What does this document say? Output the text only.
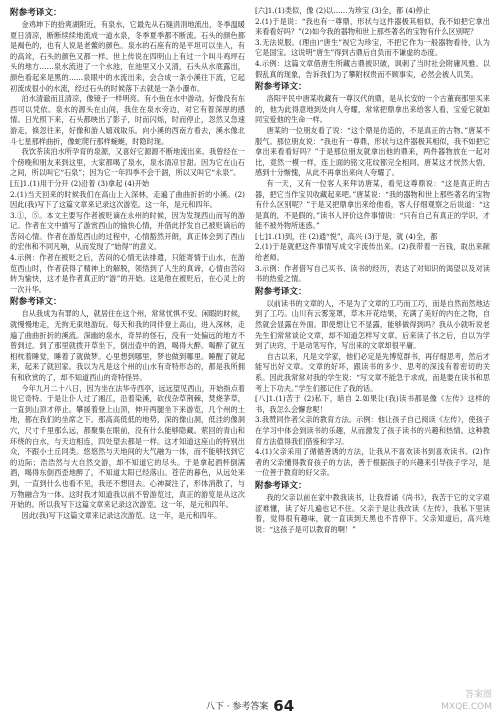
附参考译文：

金鸡坤下的拾爽湖附近，有泉水，它最先从石缝涓涓地流出，冬季温暖夏日清凉，断断续续地流成一道水泉，冬季夏季都不断流。石头的颜色都是褐色的，也有人说是老鳖的颜色。泉水的石座有的是平坦可以坐人，有的高耸，石头的颜色又都一样。世上传说在四明山上有过一个叫斗鸡坪石头的地方……泉水流进了一个水池，在池里又小又清，石头从水底露出，颜色看起来是黑的……泉眼中的水流出来，会合成一条小溪往下流，它起初流成很小的水流，经过石头的时候落下去就是一条小瀑布。

泊水清澈而且清凉，像镜子一样明亮。有小鱼在水中游动，好像没有东西可以凭依。泉水的源头在山间，我住在泉水旁边，对它有着深厚的感情。日光照下来，石头都映出了影子，时而闪烁，时而停止，忽然又急速游走，倏忽往来，好像和游人嬉戏取乐。向小溪的西南方看去，溪水像北斗七星那样曲折，像蛇爬行那样蜿蜒，时隐时现。

我饮茶读泊水所孕育的泉源，又喜好它源源不断地流出来。我曾经在一个傍晚和朋友来到这里，大家都喝了泉水，泉水清凉甘甜。因为它在山石之间，所以叫它“石泉”；因为它一年四季不会干涸，所以又叫它“永泉”。

[五]1.(1)用于分开 (2)沿着 (3)拿起 (4)开始

2.(1)当天回来的时候我们在高山上入深林，走遍了曲曲折折的小溪。(2)因此(我)写下了这篇文章来记录这次游览。这一年，是元和四年。

3.①，⑤。本文主要写作者被贬谪在永州的时候，因为发现西山而写的游记。作者在文中描写了游赏西山的愉快心情，并借此抒发自己被贬谪后的苦闷心情。作者在游览西山的过程中，心情豁然开朗，真正体会到了西山的宏伟和不同凡响，从而发现了“始得”的意义。

4.示例：作者在被贬之后，苦闷的心情无法排遣，只能寄情于山水，在游览西山时，作者获得了精神上的解脱，领悟到了人生的真谛，心情由苦闷转为愉快，这才是作者真正的“游”的开始。这是他在被贬后，在心灵上的一次升华。

附参考译文：

自从我成为有罪的人，就居住在这个州，常常忧惧不安。闲暇的时候，就慢慢地走，无拘无束地游玩。每天和我的同伴登上高山，进入深林，走遍了曲曲折折的溪流。深幽的泉水，奇异的怪石，没有一处偏远的地方不曾到过。到了那里就拨开草坐下，倒出壶中的酒，喝得大醉。喝醉了就互相枕着睡觉，睡着了就做梦。心里想到哪里，梦也做到哪里。睡醒了就起来，起来了就回家。我以为凡是这个州的山水有奇特形态的，都是我所拥有和欣赏的了，却不知道西山的奇特怪异。

今年九月二十八日，因为坐在法华寺西亭，远远望见西山，开始指点着说它奇特。于是让仆人过了湘江，沿着染溪，砍伐杂草荆棘，焚烧茅草，一直到山顶才停止。攀援着登上山顶，伸开两腿坐下来游览，几个州的土地，都在我们的坐席之下。那高高低低的地势，深的像山洞，低洼的像洞穴，尺寸千里那么远，都聚集在眼前，没有什么能够隐藏。萦回的青山和环绕的白水，与天边相连，四处望去都是一样。这才知道这座山的特别出众，不跟小土丘同类。悠悠然与天地间的大气融为一体，而不能够找到它的边际；浩浩然与大自然交游，却不知道它的尽头。于是拿起酒杯倒满酒，喝得东倒西歪地醉了，不知道太阳已经落山。苍茫的暮色，从远处来到，一直到什么也看不见，我还不想回去。心神凝注了，形体消散了，与万物融合为一体。这时我才知道我以前不曾游览过，真正的游览是从这次开始的。所以我写下这篇文章来记录这次游览。这一年，是元和四年。

因此(我)写下这篇文章来记录这次游览。这一年，是元和四年。

[六]1.(1)类似，像 (2)以……为珍宝 (3)全，都 (4)停止

2.(1)于是说：“我也有一尊鼎，形状与这件器极其相似，我不如把它拿出来看看好吗？”(2)如今我的器物和世上那些著名的宝物有什么区别呢？

3.无法说服。(理由)“唐生”视它为珍宝，不把它作为一般器物看待，认为它是国宝。这说明“唐生”得到古鼎后自负而不谦虚的态度。

4.示例：这篇文章借唐生所藏古鼎被识破，讽刺了当时社会附庸风雅、以假乱真的现象，告诉我们为了攀附权贵而不顾事实，必然会被人讥笑。

附参考译文：

洛阳平民中唐某收藏有一尊汉代的鼎，是从长安的一个古董商那里买来的，他为此得意地到处向人夸耀，常常把鼎拿出来给客人看，宝爱它就如同宝爱他的生命一样。

唐某的一位朋友看了说：“这个鼎是仿造的，不是真正的古物。”唐某不服气。那位朋友说：“我也有一尊鼎，形状与这件器极其相似，我不如把它拿出来看看好吗？”于是那位朋友就拿出他的鼎来，两件器物放在一起对比，竟然一模一样，连上面的铭文花纹都完全相同。唐某这才恍然大悟，感到十分惭愧，从此不再拿出来向人夸耀了。

有一天，又有一位客人来拜访唐某，看见这尊鼎说：“这是真正的古器，把它当作宝贝收藏起来吧。”唐某说：“我的器物和世上那些著名的宝物有什么区别呢？”于是又把鼎拿出来给他看，客人仔细观察之后说道：“这是真的，不是假的。”读书人评价这件事情说：“只有自己有真正的学识，才能不被外物所迷惑。”

[七]1.(1)到，往 (2)通“悦”，高兴 (3)于是，就 (4)全，都

2.(1)于是就把这件事情写成文字流传出来。(2)我带着一百钱，取出来献给老师。

3.示例：作者借写自己买书、读书的经历，表达了对知识的渴望以及对读书的热爱之情。

附参考译文：

以前读书的文章的人，不是为了文章的工巧而工巧，而是自然而然地达到了工巧。山川有云雾笼罩，草木开花结果，充满了美好的内在之物，自然就会显露在外面。即使想让它不显露，能够做得到吗？我从小就听说老先生们常常谈论文章，却不知道怎样写文章。后来读了书之后，自以为学到了诀窍，于是动笔写作，写出来的文章却很平庸。

自古以来，凡是文学家，他们必定是先博览群书，再仔细思考，然后才能写出好文章。文章的好坏，跟读书的多少、思考的深浅有着密切的关系。因此我常常对我的学生说：“写文章不能急于求成，而是要在读书和思考上下功夫。”学生们都记住了我的话。

[八]1.(1)苦于 (2)私下，暗自 2.如果让(我)读书都是像《左传》这样的书，我怎么会懈怠呢！

3.我赞同作者父亲的教育方法。示例：他让孩子自己阅读《左传》，使孩子在学习中体会到读书的乐趣，从而激发了孩子读书的兴趣和热情。这种教育方法值得我们借鉴和学习。

4.(1)父亲采用了循循善诱的方法，让我从不喜欢读书到喜欢读书。(2)作者的父亲懂得教育孩子的方法，善于根据孩子的兴趣来引导孩子学习，是一位善于教育的好父亲。

附参考译文：

我的父亲以前在家中教我读书，让我背诵《尚书》，我苦于它的文字艰涩难懂，读了好几遍也记不住。父亲于是让我改读《左传》，我私下里读着，觉得很有趣味，就一直读到天黑也不肯停下。父亲知道后，高兴地说：“这孩子是可以教育的啊！”

八下 · 参考答案 64
答案圈 MXQE.COM
